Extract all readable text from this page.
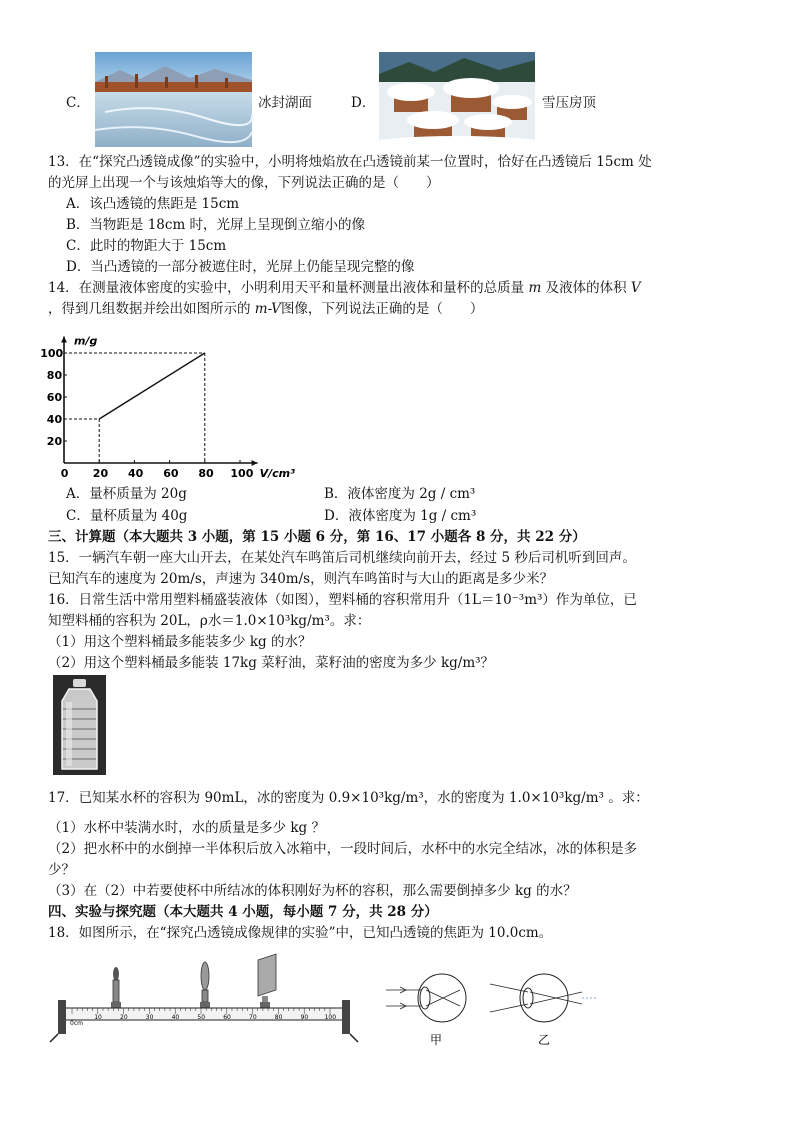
C．	冰封湖面	D．	雪压房顶
13．在“探究凸透镜成像”的实验中，小明将烛焰放在凸透镜前某一位置时，恰好在凸透镜后 15cm 处
的光屏上出现一个与该烛焰等大的像，下列说法正确的是（　　）
A．该凸透镜的焦距是 15cm
B．当物距是 18cm 时，光屏上呈现倒立缩小的像
C．此时的物距大于 15cm
D．当凸透镜的一部分被遮住时，光屏上仍能呈现完整的像
14．在测量液体密度的实验中，小明利用天平和量杯测量出液体和量杯的总质量 m 及液体的体积 V
，得到几组数据并绘出如图所示的 m-V图像，下列说法正确的是（　　）
m/g
V/cm³
0 20 40 60 80 100
20
40
60
80
100
A．量杯质量为 20g	B．液体密度为 2g / cm³
C．量杯质量为 40g	D．液体密度为 1g / cm³
三、计算题（本大题共 3 小题，第 15 小题 6 分，第 16、17 小题各 8 分，共 22 分）
15．一辆汽车朝一座大山开去，在某处汽车鸣笛后司机继续向前开去，经过 5 秒后司机听到回声。
已知汽车的速度为 20m/s，声速为 340m/s，则汽车鸣笛时与大山的距离是多少米？
16．日常生活中常用塑料桶盛装液体（如图），塑料桶的容积常用升（1L＝10⁻³m³）作为单位，已
知塑料桶的容积为 20L，ρ水＝1.0×10³kg/m³。求：
（1）用这个塑料桶最多能装多少 kg 的水？
（2）用这个塑料桶最多能装 17kg 菜籽油，菜籽油的密度为多少 kg/m³？
17．已知某水杯的容积为 90mL，冰的密度为 0.9×10³kg/m³，水的密度为 1.0×10³kg/m³ 。求：
（1）水杯中装满水时，水的质量是多少 kg ？
（2）把水杯中的水倒掉一半体积后放入冰箱中，一段时间后，水杯中的水完全结冰，冰的体积是多
少？
（3）在（2）中若要使杯中所结冰的体积刚好为杯的容积，那么需要倒掉多少 kg 的水？
四、实验与探究题（本大题共 4 小题，每小题 7 分，共 28 分）
18．如图所示，在“探究凸透镜成像规律的实验”中，已知凸透镜的焦距为 10.0cm。
0cm
10	20	30	40	50	60	70	80	90	100
甲	乙
